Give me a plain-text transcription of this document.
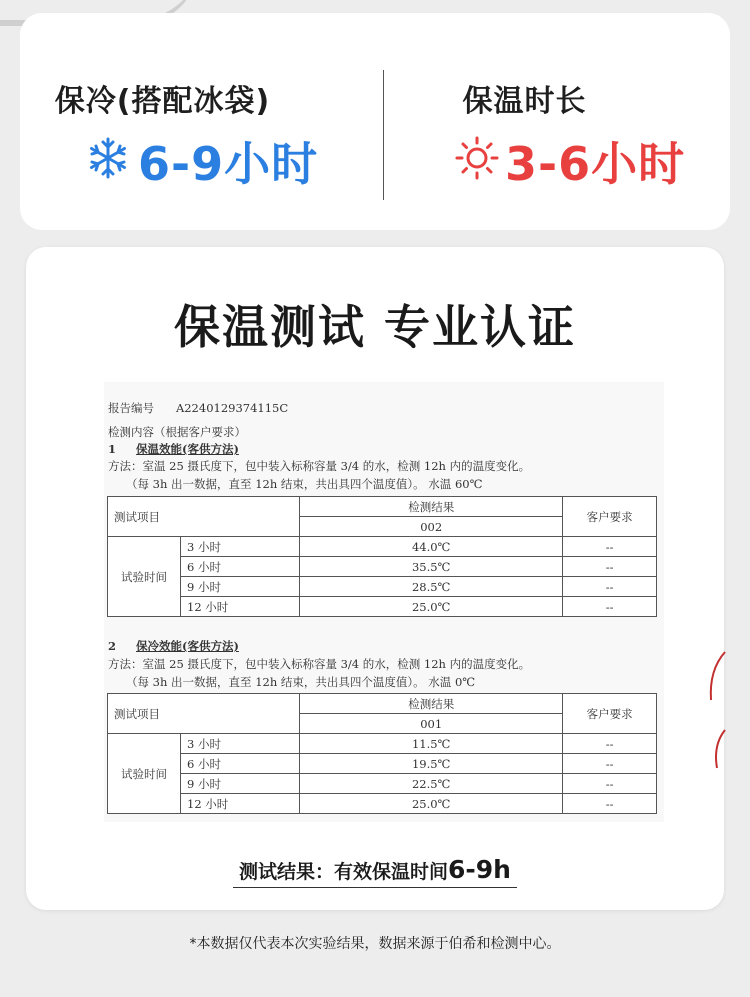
保冷(搭配冰袋)
6-9小时
保温时长
3-6小时
保温测试 专业认证
报告编号 A2240129374115C
检测内容（根据客户要求）
1 保温效能(客供方法)
方法：室温 25 摄氏度下，包中装入标称容量 3/4 的水，检测 12h 内的温度变化。
（每 3h 出一数据，直至 12h 结束，共出具四个温度值）。 水温 60℃
测试项目		检测结果	客户要求
		002	
试验时间	3 小时	44.0℃	--
	6 小时	35.5℃	--
	9 小时	28.5℃	--
	12 小时	25.0℃	--
2 保冷效能(客供方法)
方法：室温 25 摄氏度下，包中装入标称容量 3/4 的水，检测 12h 内的温度变化。
（每 3h 出一数据，直至 12h 结束，共出具四个温度值）。 水温 0℃
测试项目		检测结果	客户要求
		001	
试验时间	3 小时	11.5℃	--
	6 小时	19.5℃	--
	9 小时	22.5℃	--
	12 小时	25.0℃	--
测试结果：有效保温时间6-9h
*本数据仅代表本次实验结果，数据来源于伯希和检测中心。
